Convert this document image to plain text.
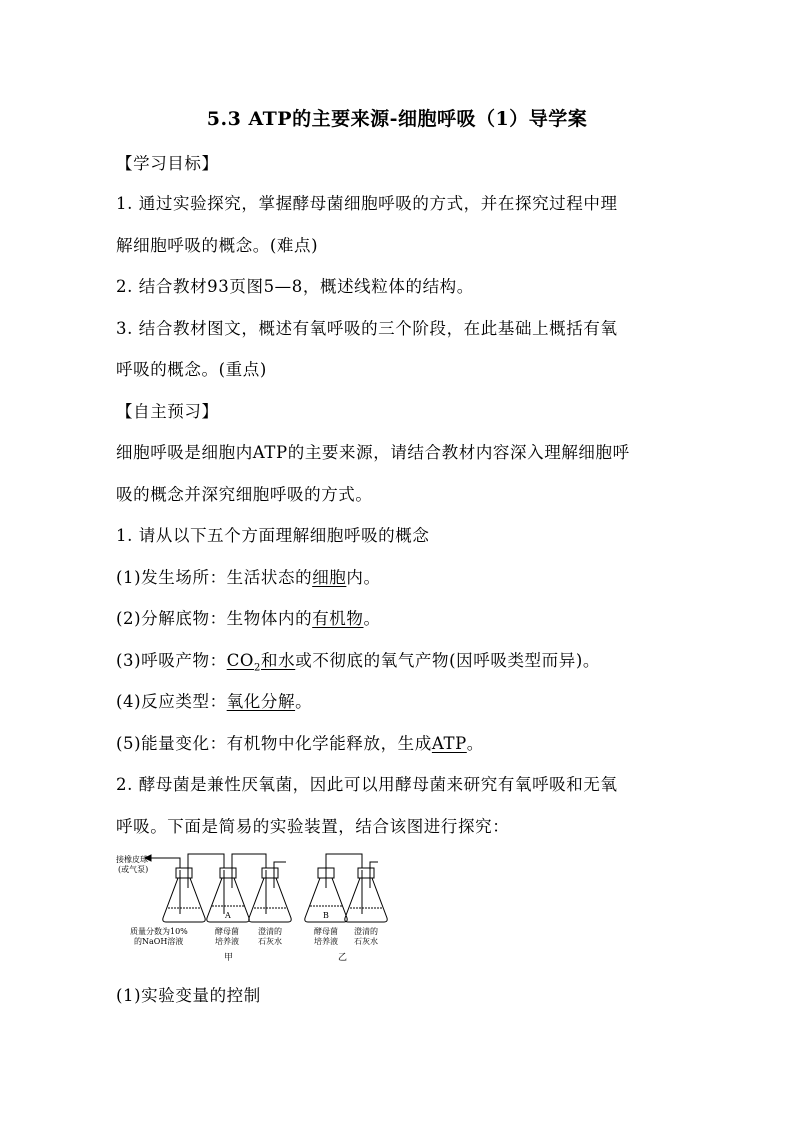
5.3 ATP的主要来源-细胞呼吸（1）导学案
【学习目标】
1. 通过实验探究，掌握酵母菌细胞呼吸的方式，并在探究过程中理
解细胞呼吸的概念。(难点)
2. 结合教材93页图5—8，概述线粒体的结构。
3. 结合教材图文，概述有氧呼吸的三个阶段，在此基础上概括有氧
呼吸的概念。(重点)
【自主预习】
细胞呼吸是细胞内ATP的主要来源，请结合教材内容深入理解细胞呼
吸的概念并深究细胞呼吸的方式。
1. 请从以下五个方面理解细胞呼吸的概念
(1)发生场所：生活状态的细胞内。
(2)分解底物：生物体内的有机物。
(3)呼吸产物：$CO_2$和水或不彻底的氧气产物(因呼吸类型而异)。
(4)反应类型：氧化分解。
(5)能量变化：有机物中化学能释放，生成ATP。
2. 酵母菌是兼性厌氧菌，因此可以用酵母菌来研究有氧呼吸和无氧
呼吸。下面是简易的实验装置，结合该图进行探究：
接橡皮球
(或气泵)
A	B
质量分数为10%
的NaOH溶液
酵母菌
培养液
澄清的
石灰水
酵母菌
培养液
澄清的
石灰水
甲	乙
(1)实验变量的控制
